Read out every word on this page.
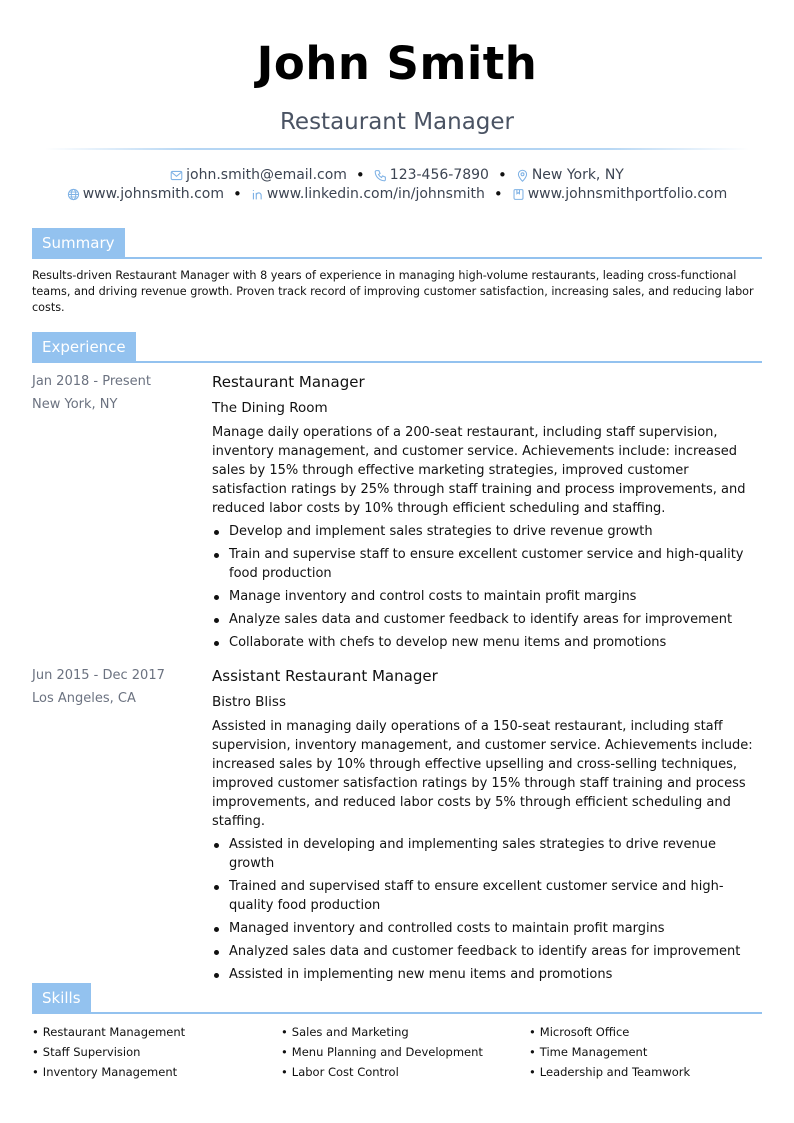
John Smith
Restaurant Manager
john.smith@email.com • 123-456-7890 • New York, NY
www.johnsmith.com • www.linkedin.com/in/johnsmith • www.johnsmithportfolio.com
Summary
Results-driven Restaurant Manager with 8 years of experience in managing high-volume restaurants, leading cross-functional teams, and driving revenue growth. Proven track record of improving customer satisfaction, increasing sales, and reducing labor costs.
Experience
Jan 2018 - Present
New York, NY

Restaurant Manager

The Dining Room

Manage daily operations of a 200-seat restaurant, including staff supervision, inventory management, and customer service. Achievements include: increased sales by 15% through effective marketing strategies, improved customer satisfaction ratings by 25% through staff training and process improvements, and reduced labor costs by 10% through efficient scheduling and staffing.

Develop and implement sales strategies to drive revenue growth
Train and supervise staff to ensure excellent customer service and high-quality food production
Manage inventory and control costs to maintain profit margins
Analyze sales data and customer feedback to identify areas for improvement
Collaborate with chefs to develop new menu items and promotions
Jun 2015 - Dec 2017
Los Angeles, CA

Assistant Restaurant Manager

Bistro Bliss

Assisted in managing daily operations of a 150-seat restaurant, including staff supervision, inventory management, and customer service. Achievements include: increased sales by 10% through effective upselling and cross-selling techniques, improved customer satisfaction ratings by 15% through staff training and process improvements, and reduced labor costs by 5% through efficient scheduling and staffing.

Assisted in developing and implementing sales strategies to drive revenue growth
Trained and supervised staff to ensure excellent customer service and high-quality food production
Managed inventory and controlled costs to maintain profit margins
Analyzed sales data and customer feedback to identify areas for improvement
Assisted in implementing new menu items and promotions
Skills
• Restaurant Management
• Staff Supervision
• Inventory Management
• Sales and Marketing
• Menu Planning and Development
• Labor Cost Control
• Microsoft Office
• Time Management
• Leadership and Teamwork
